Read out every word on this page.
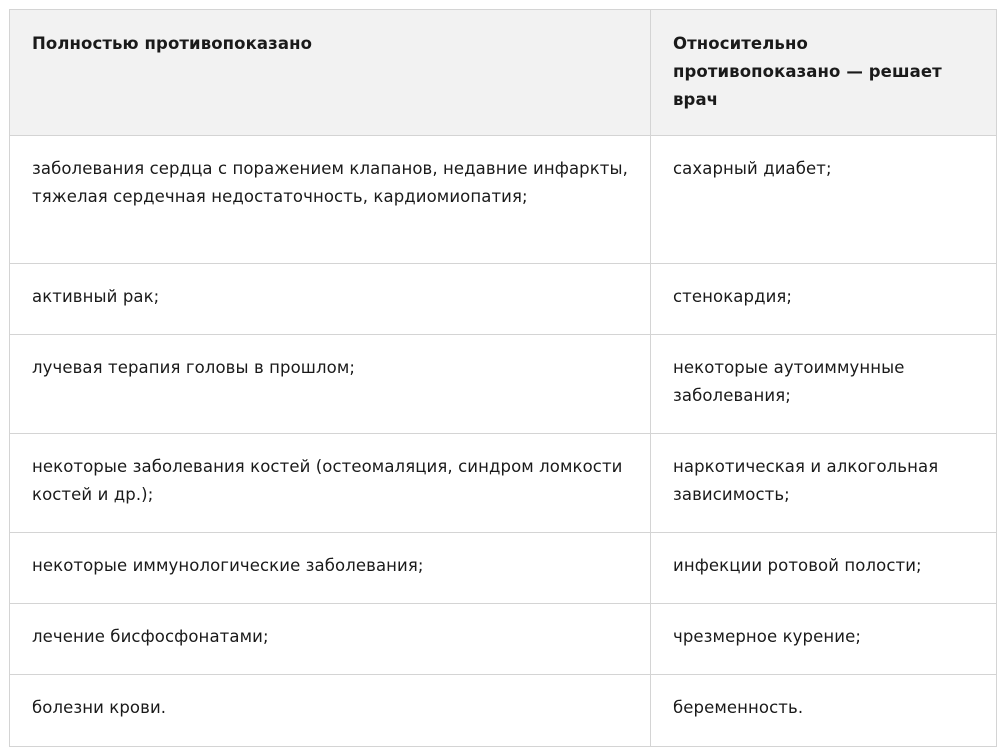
Полностью противопоказано	Относительно противопоказано — решает врач
заболевания сердца с поражением клапанов, недавние инфаркты, тяжелая сердечная недостаточность, кардиомиопатия;	сахарный диабет;
активный рак;	стенокардия;
лучевая терапия головы в прошлом;	некоторые аутоиммунные заболевания;
некоторые заболевания костей (остеомаляция, синдром ломкости костей и др.);	наркотическая и алкогольная зависимость;
некоторые иммунологические заболевания;	инфекции ротовой полости;
лечение бисфосфонатами;	чрезмерное курение;
болезни крови.	беременность.
